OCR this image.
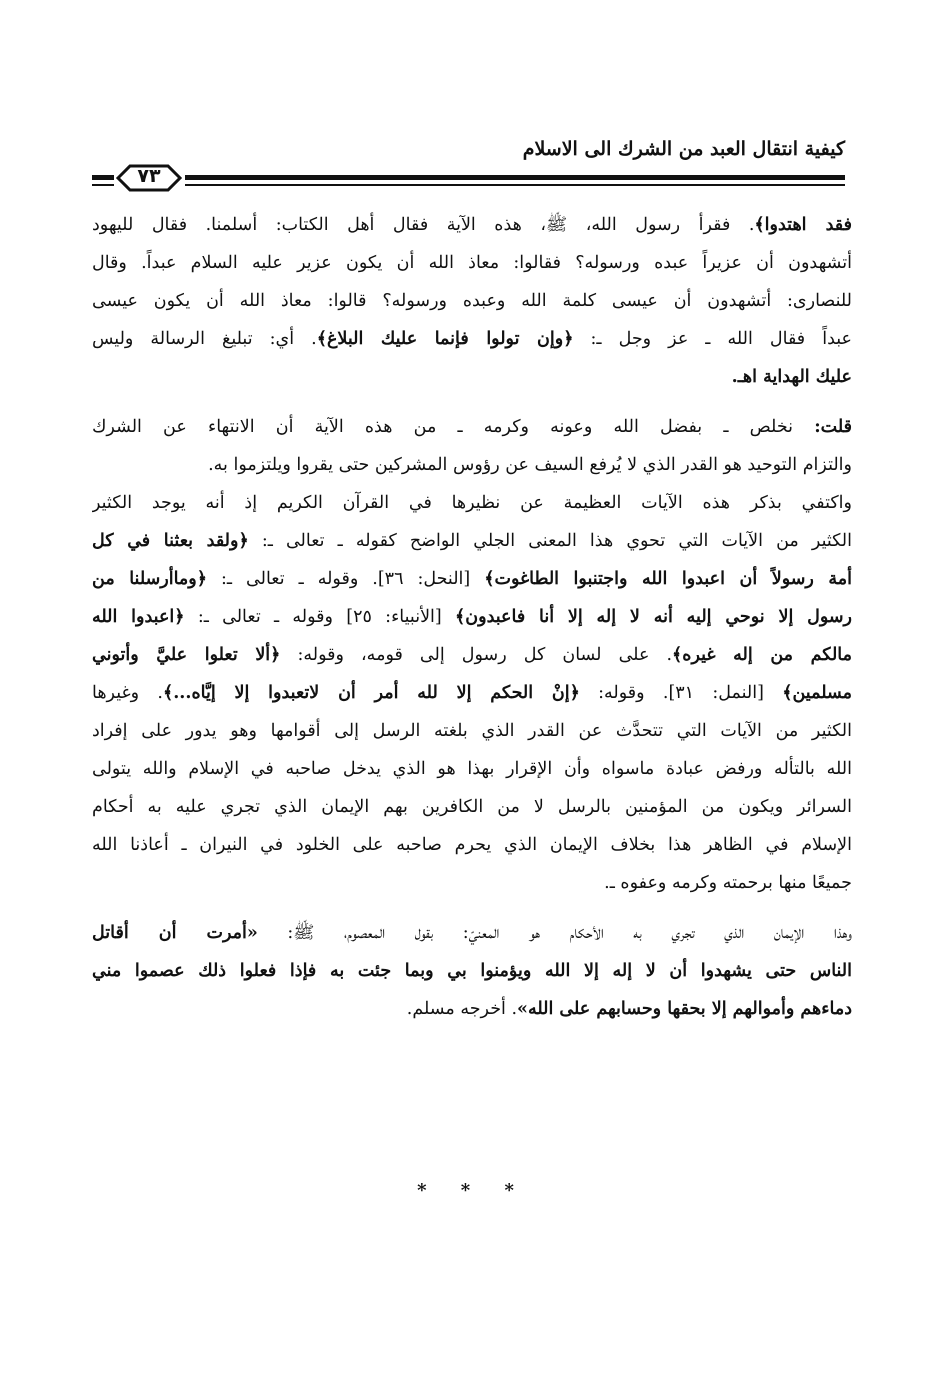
كيفية انتقال العبد من الشرك الى الاسلام
٧٣
فقد اهتدوا﴾. فقرأ رسول الله، ﷺ، هذه الآية فقال أهل الكتاب: أسلمنا. فقال لليهود
أتشهدون أن عزيراً عبده ورسوله؟ فقالوا: معاذ الله أن يكون عزير عليه السلام عبداً. وقال
للنصارى: أتشهدون أن عيسى كلمة الله وعبده ورسوله؟ قالوا: معاذ الله أن يكون عيسى
عبداً فقال الله ـ عز وجل ـ: ﴿وإن تولوا فإنما عليك البلاغ﴾. أي: تبليغ الرسالة وليس
عليك الهداية اهـ.
قلت: نخلص ـ بفضل الله وعونه وكرمه ـ من هذه الآية أن الانتهاء عن الشرك
والتزام التوحيد هو القدر الذي لا يُرفع السيف عن رؤوس المشركين حتى يقروا ويلتزموا به.
واكتفي بذكر هذه الآيات العظيمة عن نظيرها في القرآن الكريم إذ أنه يوجد الكثير
الكثير من الآيات التي تحوي هذا المعنى الجلي الواضح كقوله ـ تعالى ـ: ﴿ولقد بعثنا في كل
أمة رسولاً أن اعبدوا الله واجتنبوا الطاغوت﴾ [النحل: ٣٦]. وقوله ـ تعالى ـ: ﴿وماأرسلنا من
رسول إلا نوحي إليه أنه لا إله إلا أنا فاعبدون﴾ [الأنبياء: ٢٥] وقوله ـ تعالى ـ: ﴿اعبدوا الله
مالكم من إله غيره﴾. على لسان كل رسول إلى قومه، وقوله: ﴿ألا تعلوا عليَّ وأتوني
مسلمين﴾ [النمل: ٣١]. وقوله: ﴿إنْ الحكم إلا لله أمر أن لاتعبدوا إلا إيَّاه...﴾. وغيرها
الكثير من الآيات التي تتحدَّث عن القدر الذي بلغته الرسل إلى أقوامها وهو يدور على إفراد
الله بالتأله ورفض عبادة ماسواه وأن الإقرار بهذا هو الذي يدخل صاحبه في الإسلام والله يتولى
السرائر ويكون من المؤمنين بالرسل لا من الكافرين بهم الإيمان الذي تجري عليه به أحكام
الإسلام في الظاهر هذا بخلاف الإيمان الذي يحرم صاحبه على الخلود في النيران ـ أعاذنا الله
جميعًا منها برحمته وكرمه وعفوه ـ.
وهذا الإيمان الذي تجري به الأحكام هو المعنيّ: بقول المعصوم، ﷺ: «أمرت أن أقاتل
الناس حتى يشهدوا أن لا إله إلا الله ويؤمنوا بي وبما جئت به فإذا فعلوا ذلك عصموا مني
دماءهم وأموالهم إلا بحقها وحسابهم على الله». أخرجه مسلم.
* * *
